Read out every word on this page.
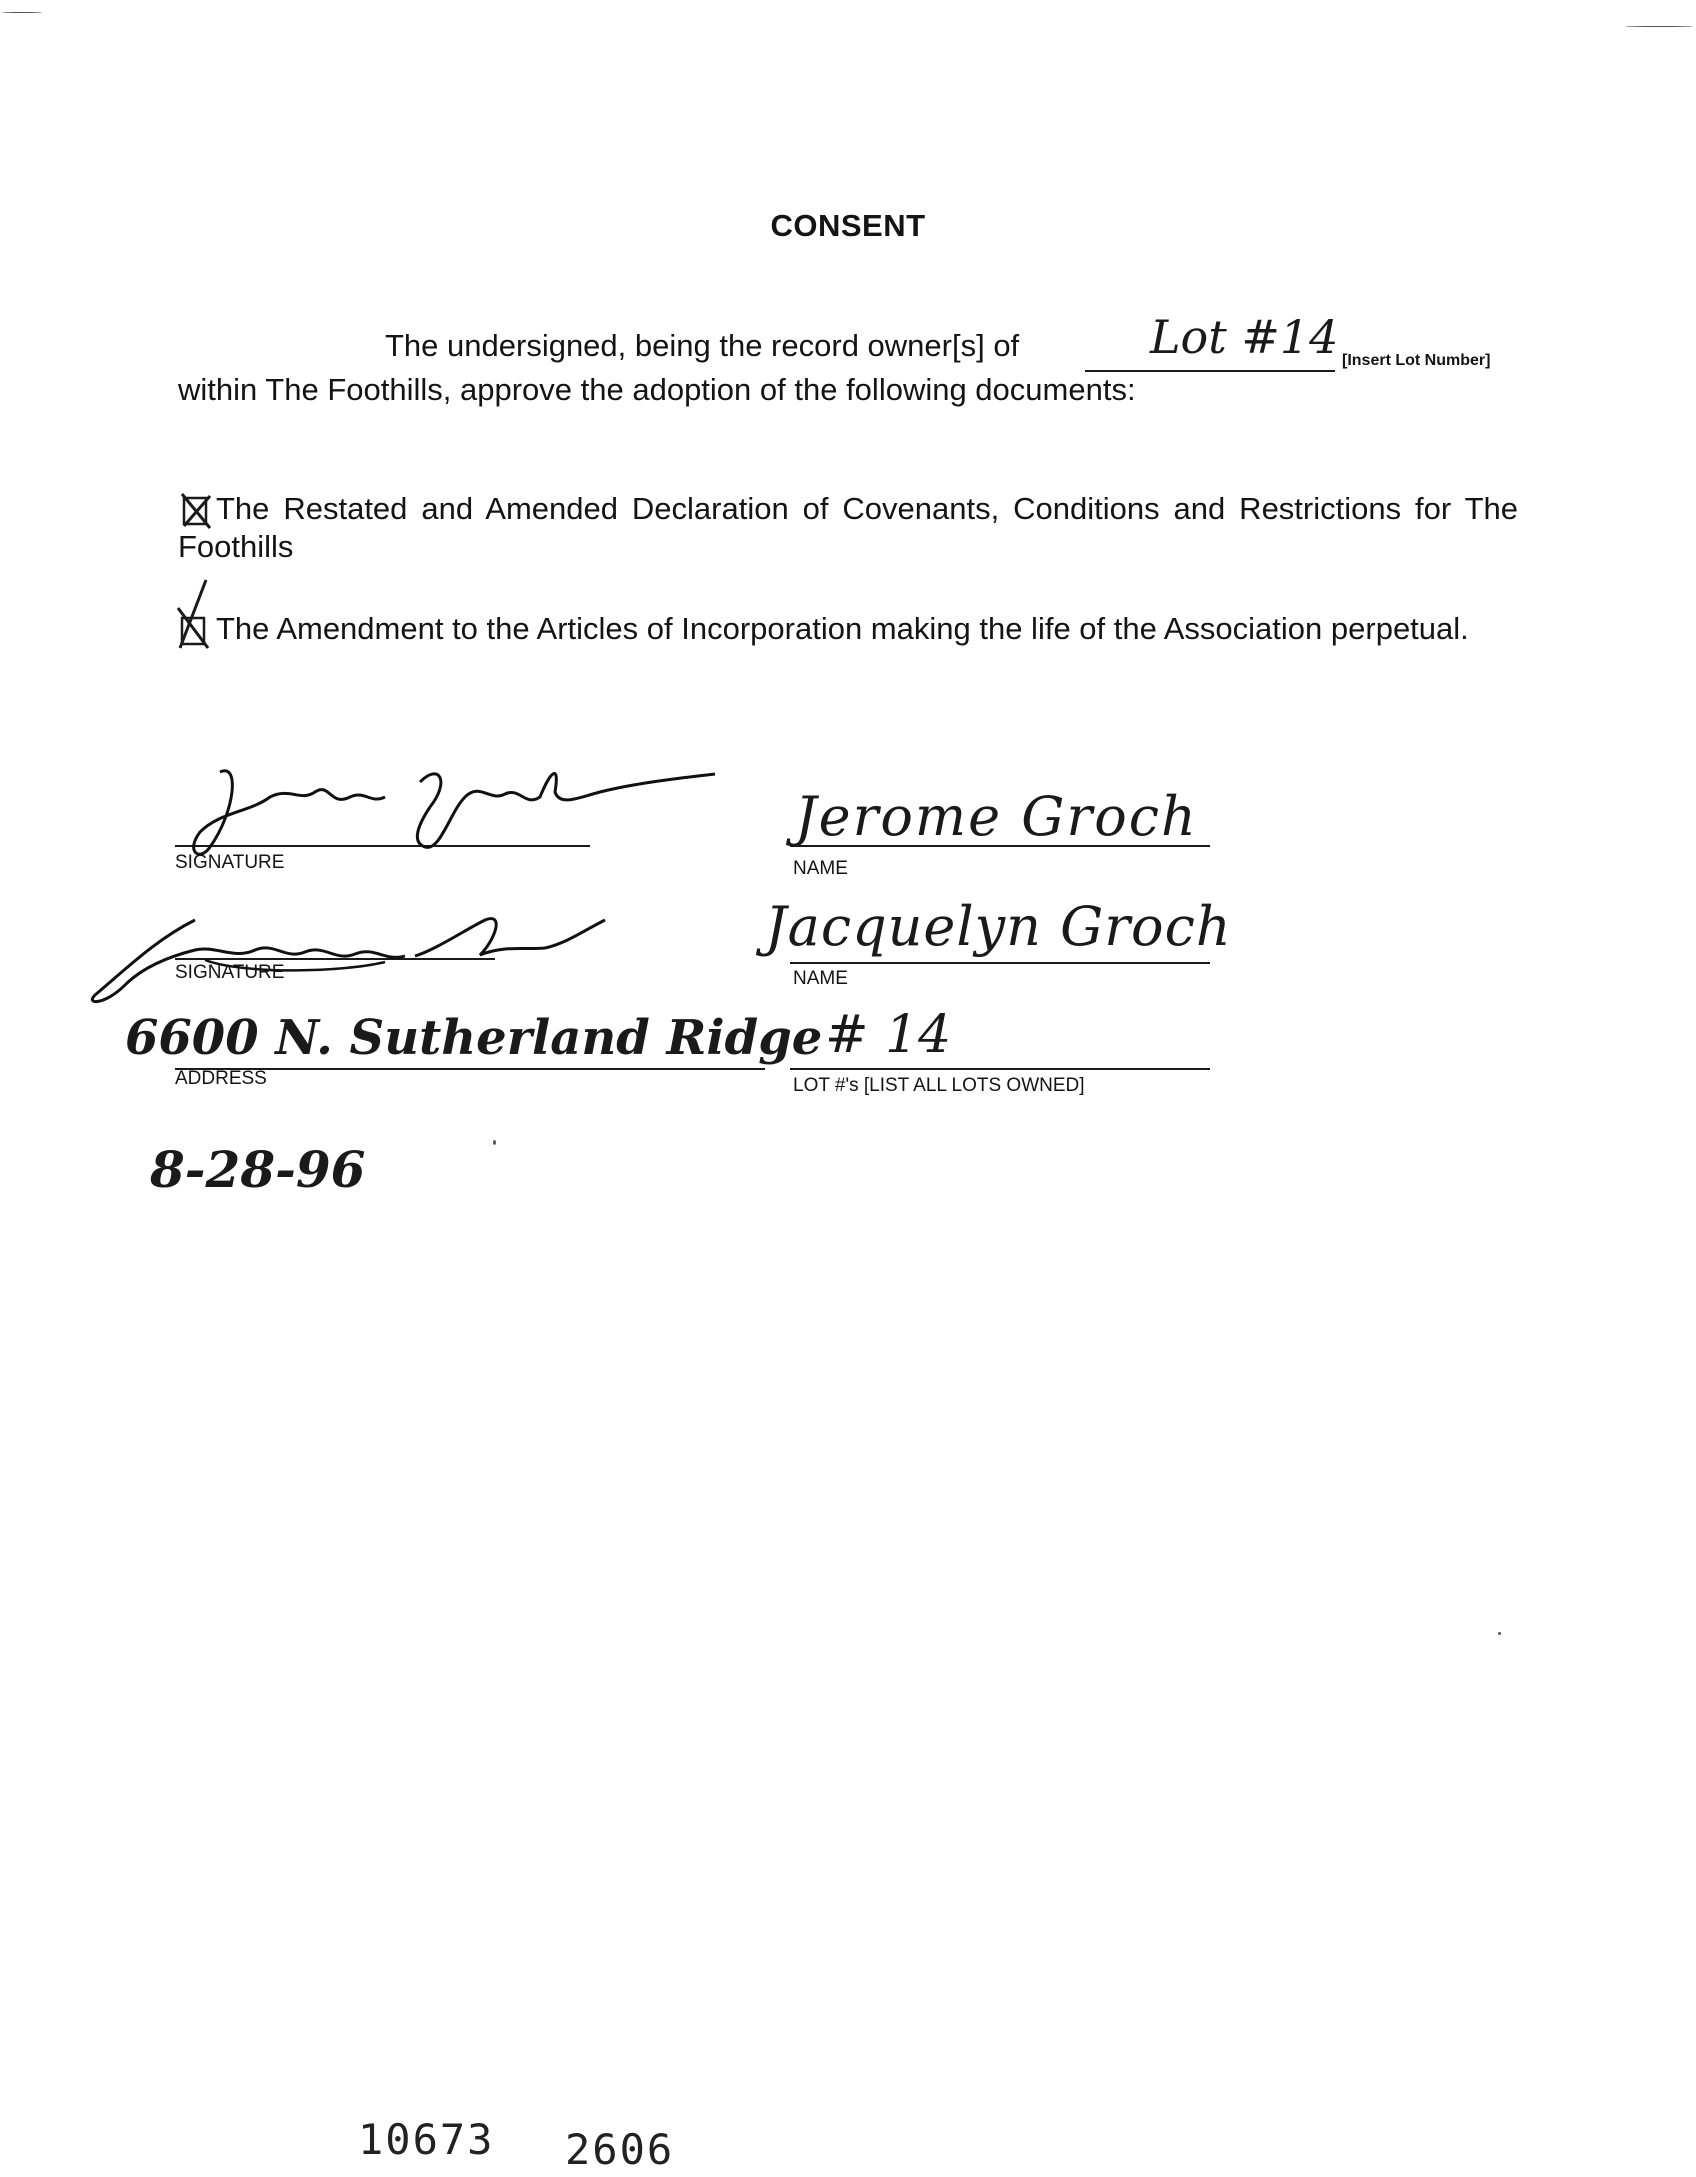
CONSENT
The undersigned, being the record owner[s] of	Lot #14 [Insert Lot Number]
within The Foothills, approve the adoption of the following documents:
The Restated and Amended Declaration of Covenants, Conditions and Restrictions for The Foothills
The Amendment to the Articles of Incorporation making the life of the Association perpetual.
SIGNATURE
Jerome Groch
NAME
SIGNATURE
Jacquelyn Groch
NAME
6600 N. Sutherland Ridge
ADDRESS
# 14
LOT #'s [LIST ALL LOTS OWNED]
8-28-96
10673 2606
